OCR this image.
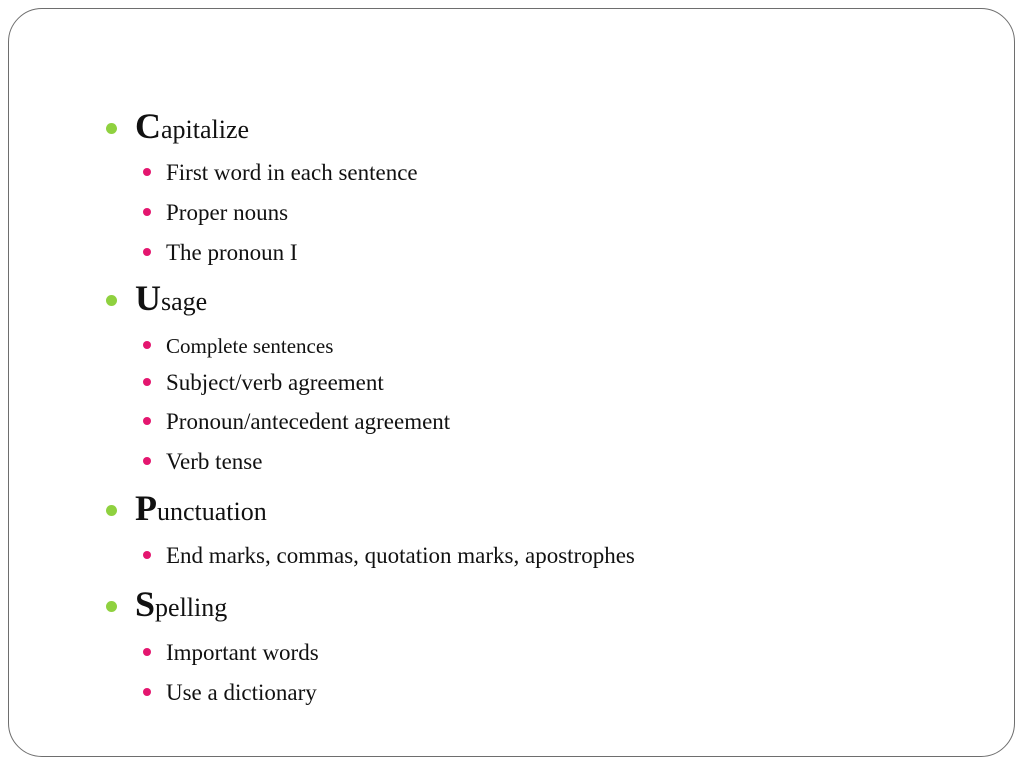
C apitalize
First word in each sentence
Proper nouns
The pronoun I
U sage
Complete sentences
Subject/verb agreement
Pronoun/antecedent agreement
Verb tense
P unctuation
End marks, commas, quotation marks, apostrophes
S pelling
Important words
Use a dictionary
